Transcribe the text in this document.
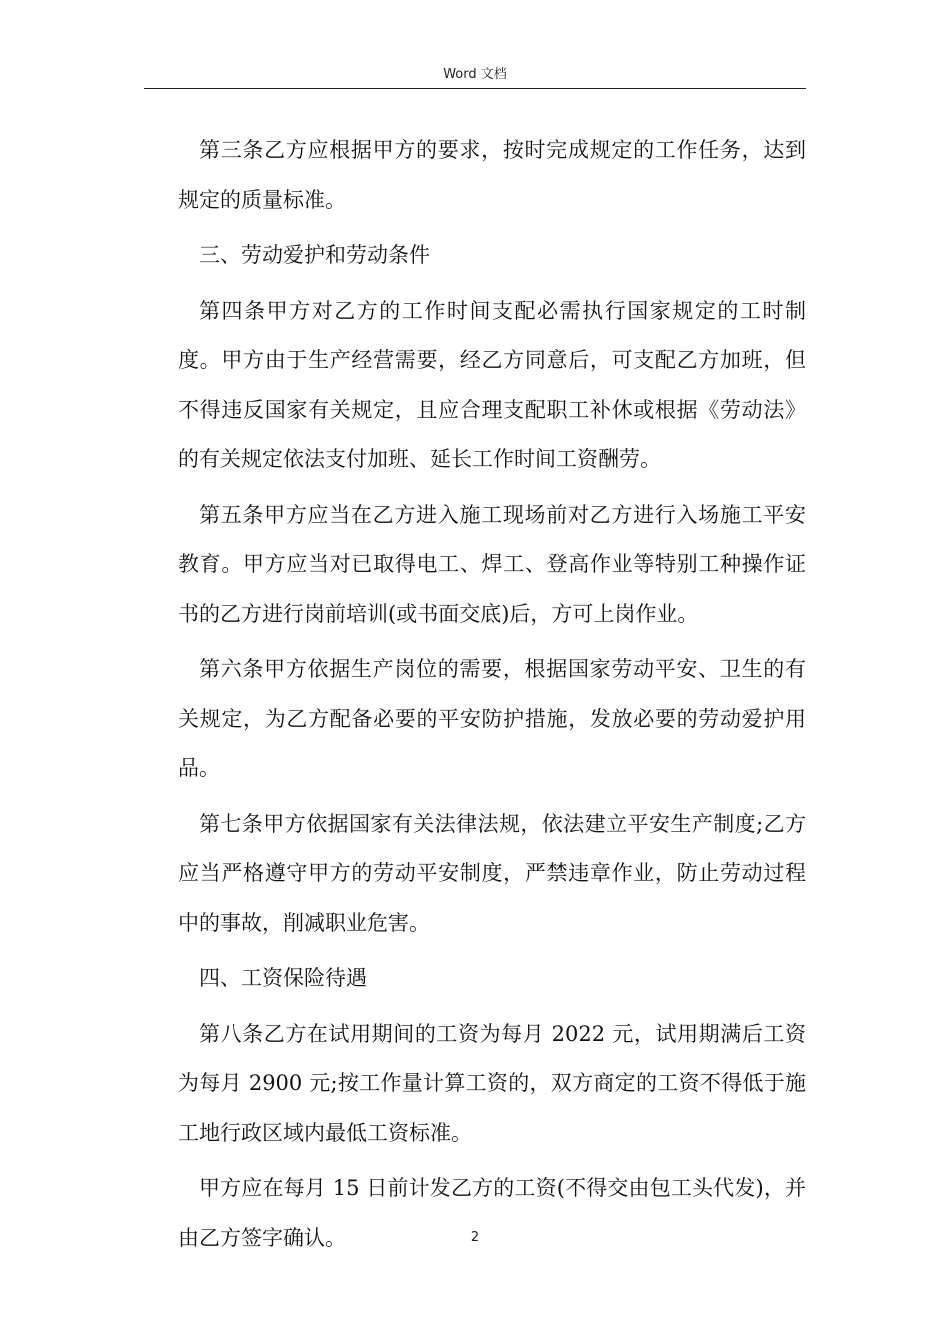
Word 文档

第三条乙方应根据甲方的要求，按时完成规定的工作任务，达到规定的质量标准。

三、劳动爱护和劳动条件

第四条甲方对乙方的工作时间支配必需执行国家规定的工时制度。甲方由于生产经营需要，经乙方同意后，可支配乙方加班，但不得违反国家有关规定，且应合理支配职工补休或根据《劳动法》的有关规定依法支付加班、延长工作时间工资酬劳。

第五条甲方应当在乙方进入施工现场前对乙方进行入场施工平安教育。甲方应当对已取得电工、焊工、登高作业等特别工种操作证书的乙方进行岗前培训(或书面交底)后，方可上岗作业。

第六条甲方依据生产岗位的需要，根据国家劳动平安、卫生的有关规定，为乙方配备必要的平安防护措施，发放必要的劳动爱护用品。

第七条甲方依据国家有关法律法规，依法建立平安生产制度;乙方应当严格遵守甲方的劳动平安制度，严禁违章作业，防止劳动过程中的事故，削减职业危害。

四、工资保险待遇

第八条乙方在试用期间的工资为每月 2022 元，试用期满后工资为每月 2900 元;按工作量计算工资的，双方商定的工资不得低于施工地行政区域内最低工资标准。

甲方应在每月 15 日前计发乙方的工资(不得交由包工头代发)，并由乙方签字确认。	2
